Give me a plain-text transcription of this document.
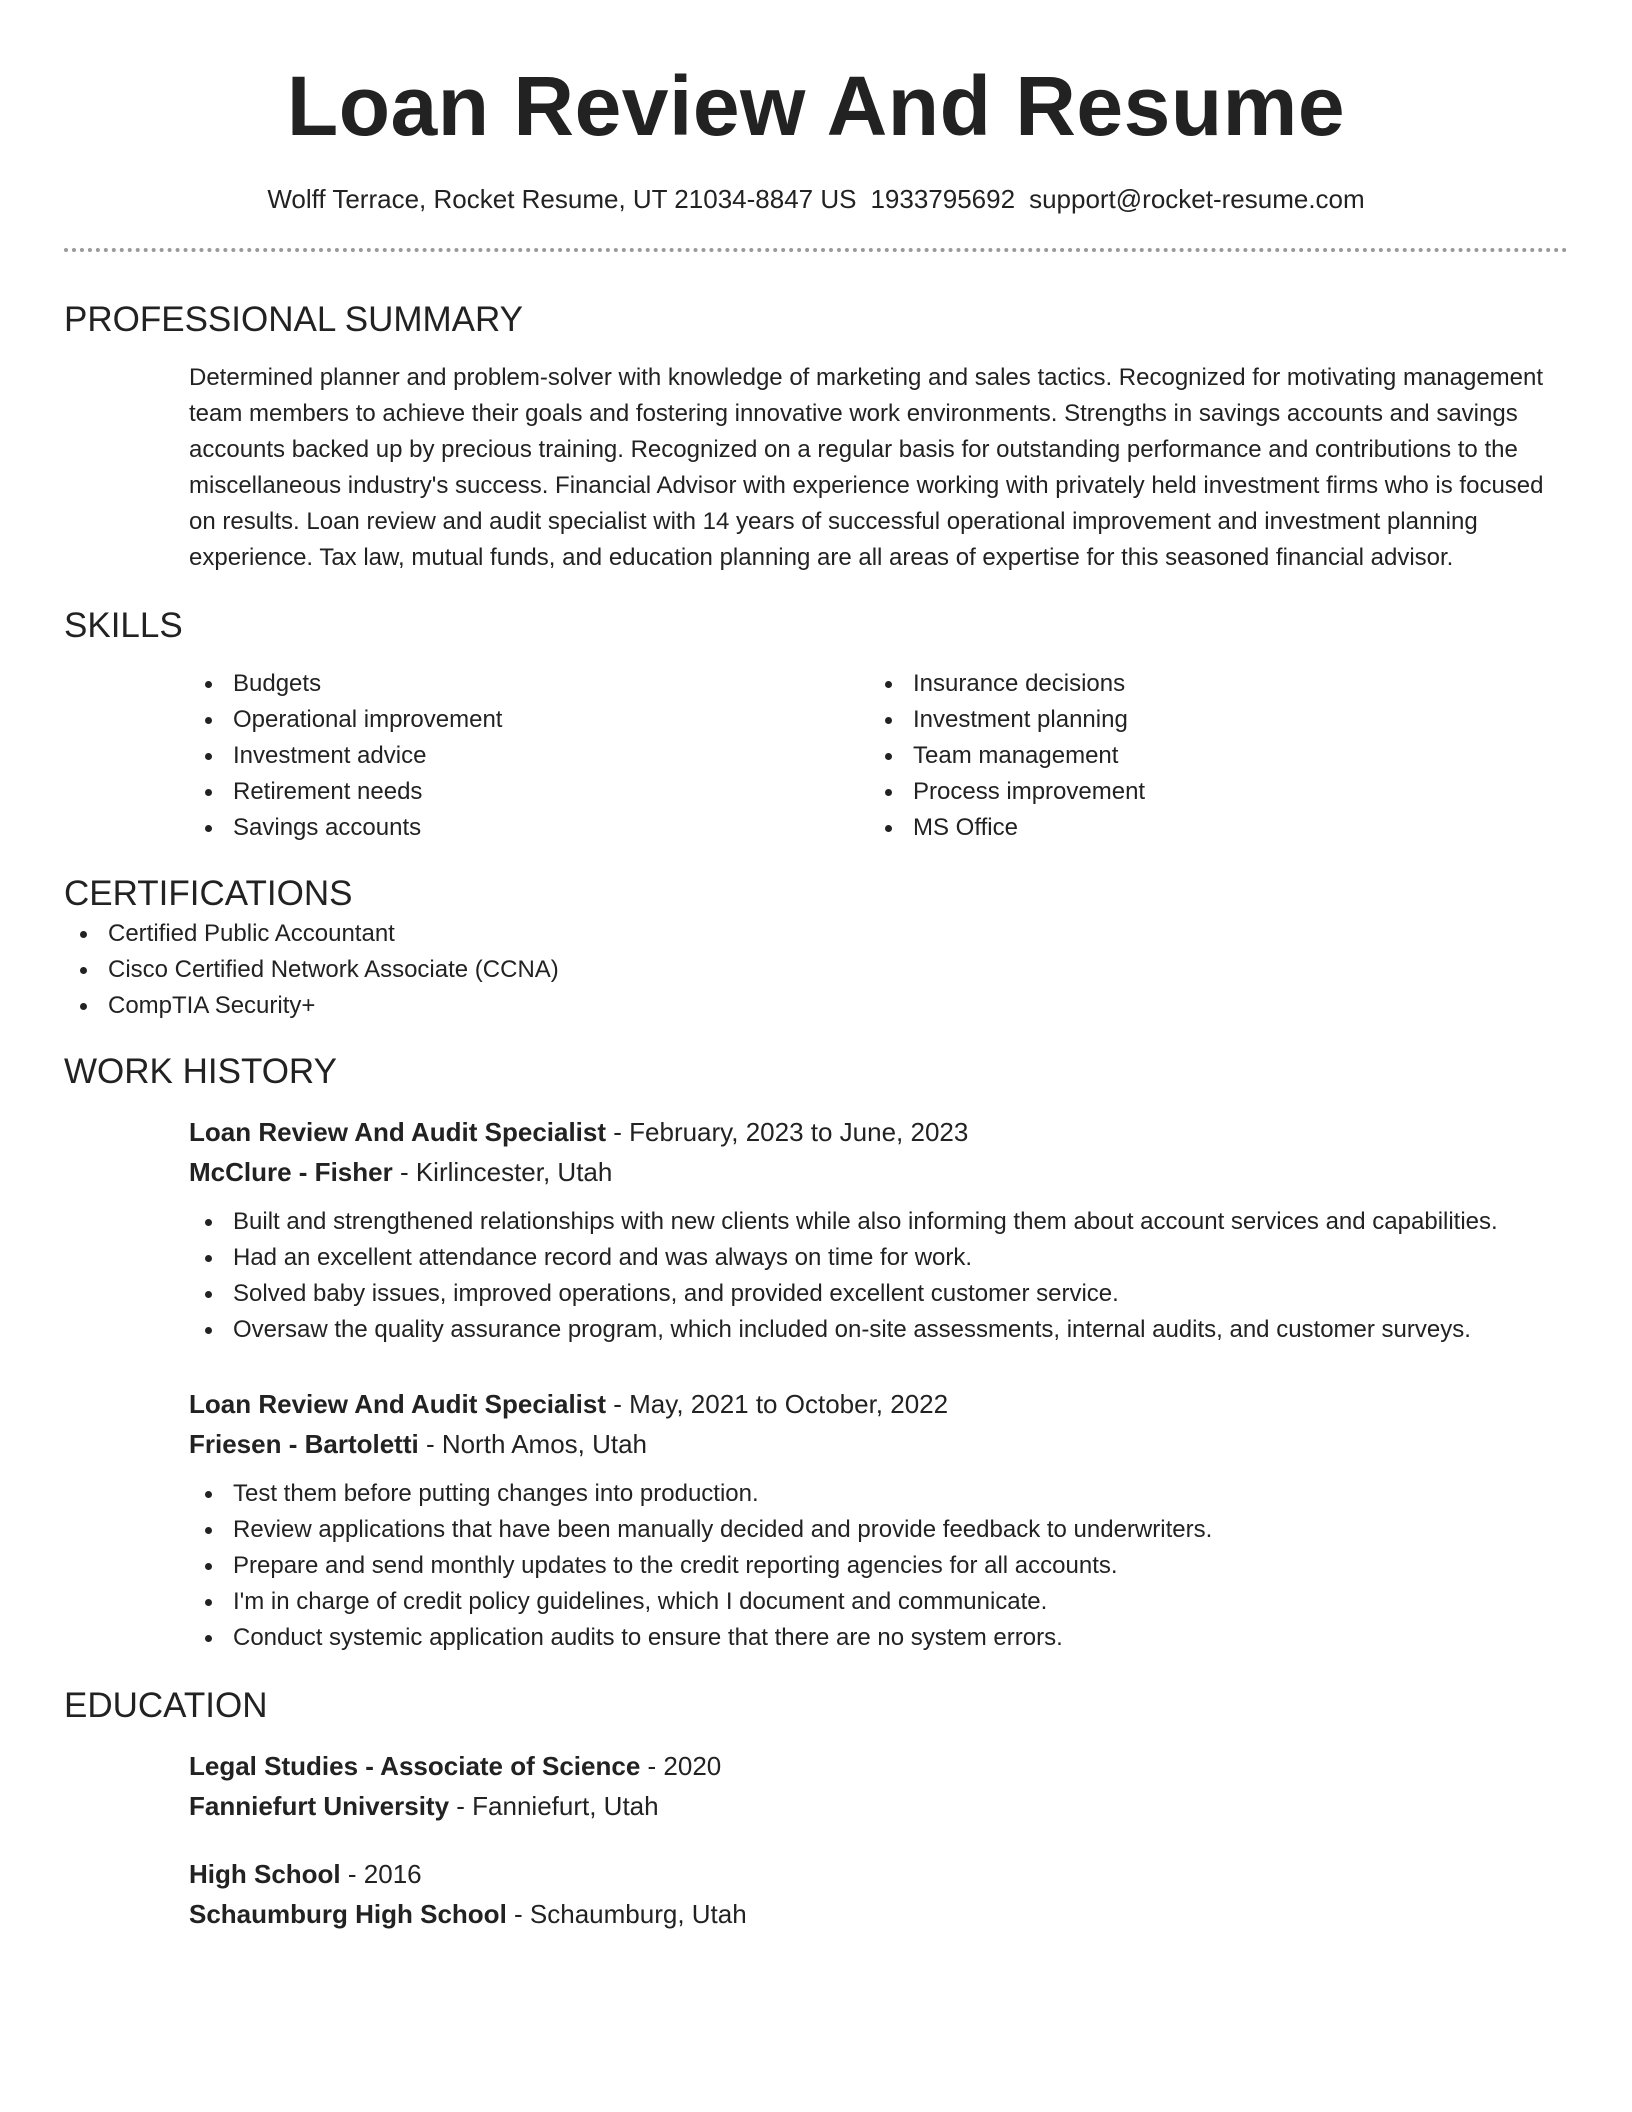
Loan Review And Resume
Wolff Terrace, Rocket Resume, UT 21034-8847 US 1933795692 support@rocket-resume.com
PROFESSIONAL SUMMARY
Determined planner and problem-solver with knowledge of marketing and sales tactics. Recognized for motivating management team members to achieve their goals and fostering innovative work environments. Strengths in savings accounts and savings accounts backed up by precious training. Recognized on a regular basis for outstanding performance and contributions to the miscellaneous industry's success. Financial Advisor with experience working with privately held investment firms who is focused on results. Loan review and audit specialist with 14 years of successful operational improvement and investment planning experience. Tax law, mutual funds, and education planning are all areas of expertise for this seasoned financial advisor.
SKILLS
Budgets
Operational improvement
Investment advice
Retirement needs
Savings accounts
Insurance decisions
Investment planning
Team management
Process improvement
MS Office
CERTIFICATIONS
Certified Public Accountant
Cisco Certified Network Associate (CCNA)
CompTIA Security+
WORK HISTORY
Loan Review And Audit Specialist - February, 2023 to June, 2023
McClure - Fisher - Kirlincester, Utah
Built and strengthened relationships with new clients while also informing them about account services and capabilities.
Had an excellent attendance record and was always on time for work.
Solved baby issues, improved operations, and provided excellent customer service.
Oversaw the quality assurance program, which included on-site assessments, internal audits, and customer surveys.
Loan Review And Audit Specialist - May, 2021 to October, 2022
Friesen - Bartoletti - North Amos, Utah
Test them before putting changes into production.
Review applications that have been manually decided and provide feedback to underwriters.
Prepare and send monthly updates to the credit reporting agencies for all accounts.
I'm in charge of credit policy guidelines, which I document and communicate.
Conduct systemic application audits to ensure that there are no system errors.
EDUCATION
Legal Studies - Associate of Science - 2020
Fanniefurt University - Fanniefurt, Utah
High School - 2016
Schaumburg High School - Schaumburg, Utah
